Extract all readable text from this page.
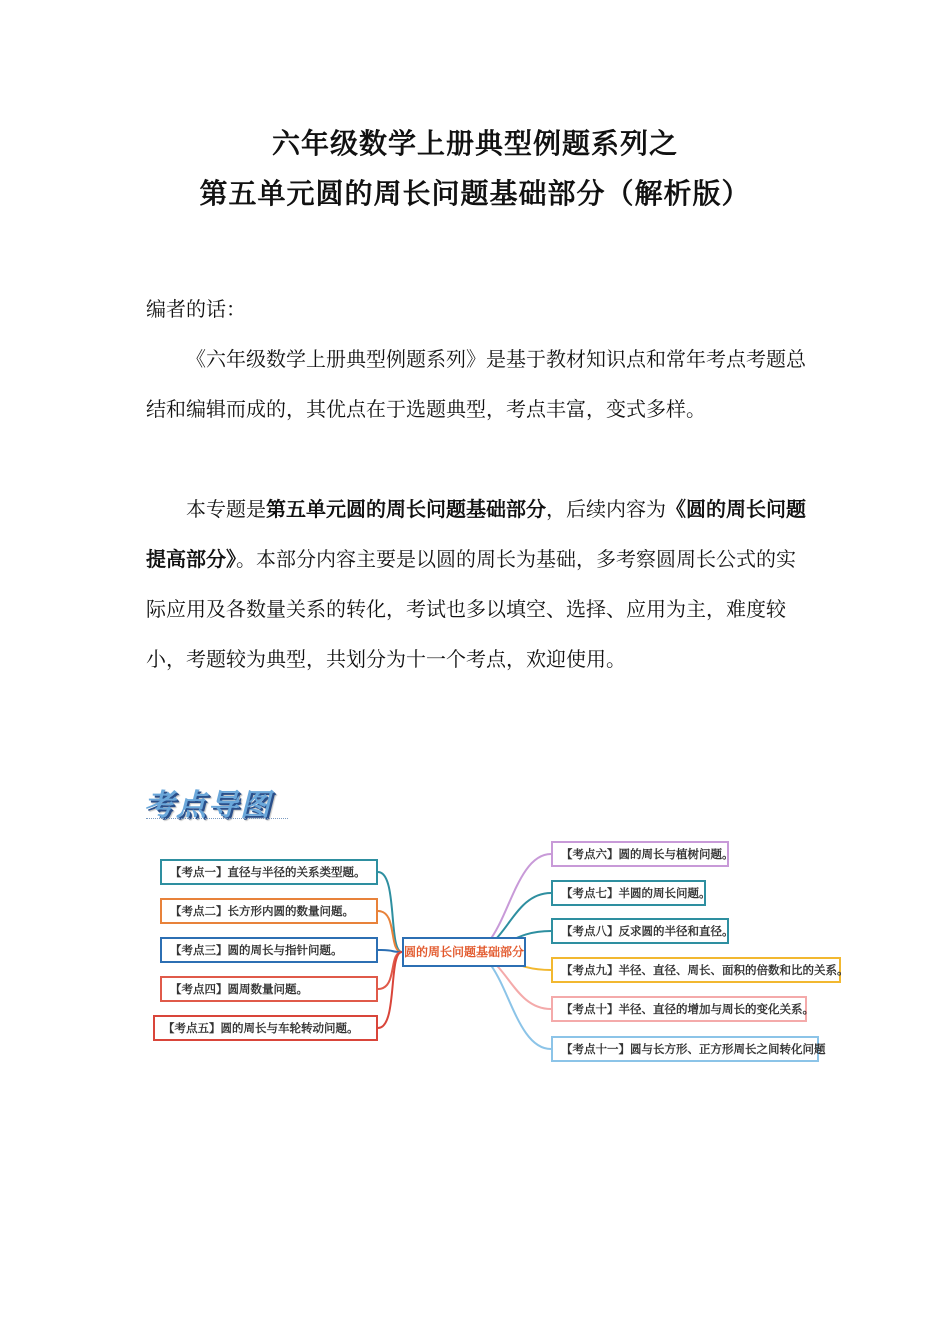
六年级数学上册典型例题系列之
第五单元圆的周长问题基础部分（解析版）
编者的话：
《六年级数学上册典型例题系列》是基于教材知识点和常年考点考题总结和编辑而成的，其优点在于选题典型，考点丰富，变式多样。
本专题是第五单元圆的周长问题基础部分，后续内容为《圆的周长问题提高部分》。本部分内容主要是以圆的周长为基础，多考察圆周长公式的实际应用及各数量关系的转化，考试也多以填空、选择、应用为主，难度较小，考题较为典型，共划分为十一个考点，欢迎使用。
考点导图
圆的周长问题基础部分
【考点一】直径与半径的关系类型题。
【考点二】长方形内圆的数量问题。
【考点三】圆的周长与指针问题。
【考点四】圆周数量问题。
【考点五】圆的周长与车轮转动问题。
【考点六】圆的周长与植树问题。
【考点七】半圆的周长问题。
【考点八】反求圆的半径和直径。
【考点九】半径、直径、周长、面积的倍数和比的关系。
【考点十】半径、直径的增加与周长的变化关系。
【考点十一】圆与长方形、正方形周长之间转化问题
